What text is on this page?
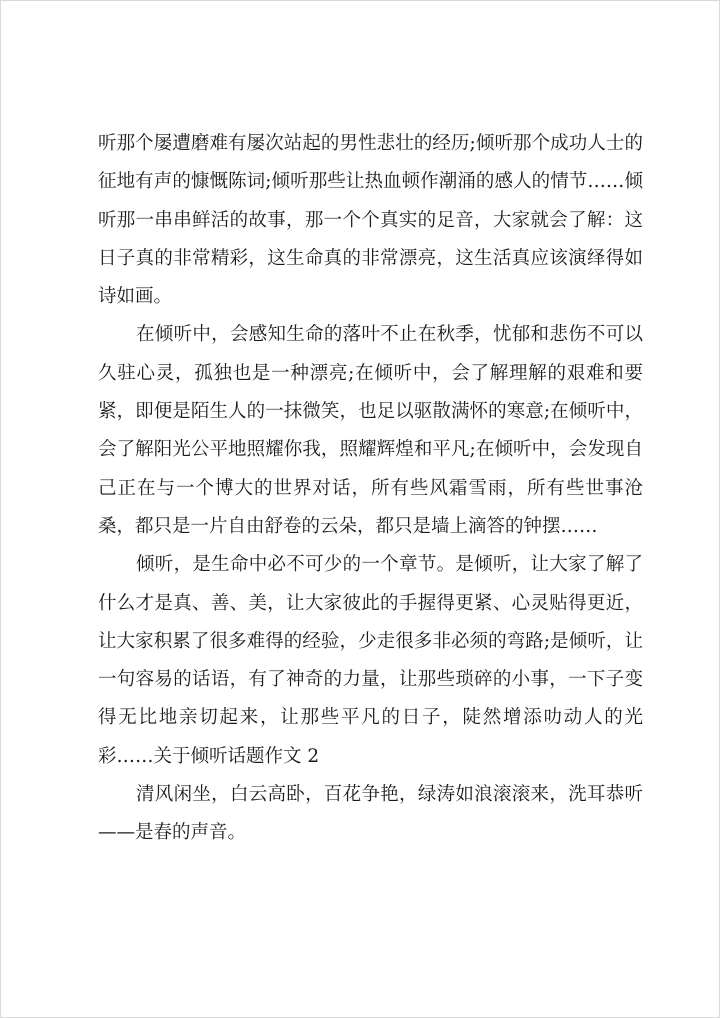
听那个屡遭磨难有屡次站起的男性悲壮的经历;倾听那个成功人士的征地有声的慷慨陈词;倾听那些让热血顿作潮涌的感人的情节……倾听那一串串鲜活的故事，那一个个真实的足音，大家就会了解：这日子真的非常精彩，这生命真的非常漂亮，这生活真应该演绎得如诗如画。

在倾听中，会感知生命的落叶不止在秋季，忧郁和悲伤不可以久驻心灵，孤独也是一种漂亮;在倾听中，会了解理解的艰难和要紧，即便是陌生人的一抹微笑，也足以驱散满怀的寒意;在倾听中，会了解阳光公平地照耀你我，照耀辉煌和平凡;在倾听中，会发现自己正在与一个博大的世界对话，所有些风霜雪雨，所有些世事沧桑，都只是一片自由舒卷的云朵，都只是墙上滴答的钟摆……

倾听，是生命中必不可少的一个章节。是倾听，让大家了解了什么才是真、善、美，让大家彼此的手握得更紧、心灵贴得更近，让大家积累了很多难得的经验，少走很多非必须的弯路;是倾听，让一句容易的话语，有了神奇的力量，让那些琐碎的小事，一下子变得无比地亲切起来，让那些平凡的日子，陡然增添叻动人的光彩……关于倾听话题作文 2

清风闲坐，白云高卧，百花争艳，绿涛如浪滚滚来，洗耳恭听——是春的声音。
